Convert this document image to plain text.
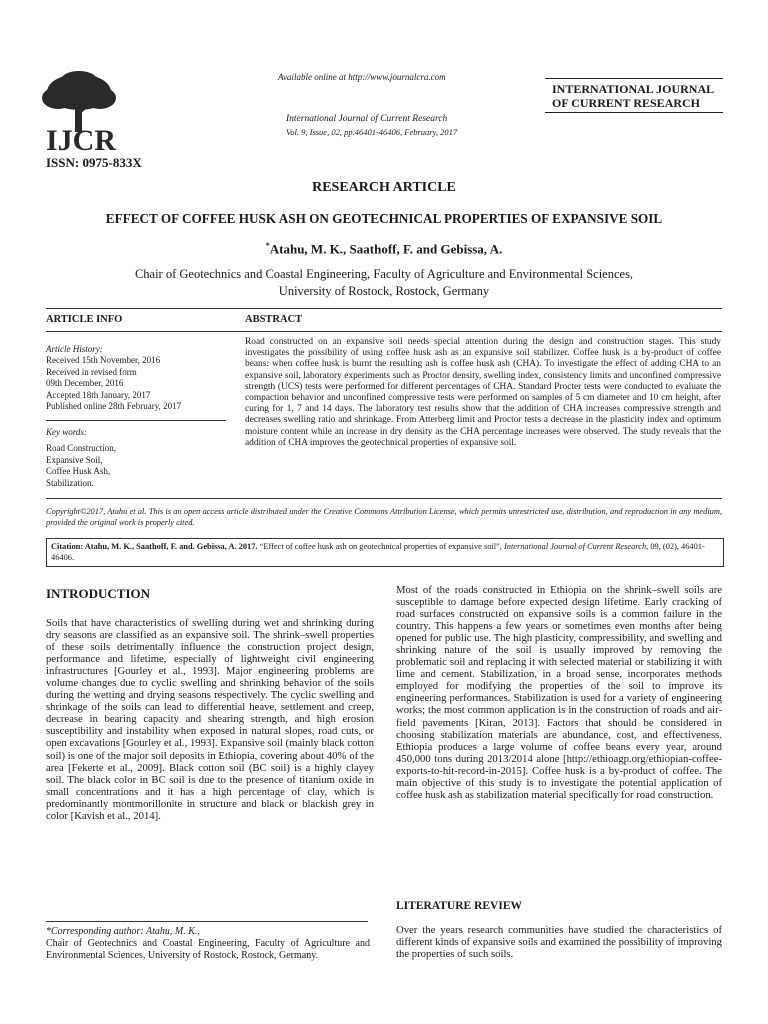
IJCR
ISSN: 0975-833X
Available online at http://www.journalcra.com
International Journal of Current Research
Vol. 9, Issue, 02, pp.46401-46406, February, 2017
INTERNATIONAL JOURNAL
OF CURRENT RESEARCH
RESEARCH ARTICLE
EFFECT OF COFFEE HUSK ASH ON GEOTECHNICAL PROPERTIES OF EXPANSIVE SOIL
*Atahu, M. K., Saathoff, F. and Gebissa, A.
Chair of Geotechnics and Coastal Engineering, Faculty of Agriculture and Environmental Sciences,
University of Rostock, Rostock, Germany
ARTICLE INFO	ABSTRACT
Article History:
Received 15th November, 2016
Received in revised form
09th December, 2016
Accepted 18th January, 2017
Published online 28th February, 2017
Key words:
Road Construction,
Expansive Soil,
Coffee Husk Ash,
Stabilization.
Road constructed on an expansive soil needs special attention during the design and construction stages. This study investigates the possibility of using coffee husk ash as an expansive soil stabilizer. Coffee husk is a by-product of coffee beans: when coffee husk is burnt the resulting ash is coffee husk ash (CHA). To investigate the effect of adding CHA to an expansive soil, laboratory experiments such as Proctor density, swelling index, consistency limits and unconfined compressive strength (UCS) tests were performed for different percentages of CHA. Standard Procter tests were conducted to evaluate the compaction behavior and unconfined compressive tests were performed on samples of 5 cm diameter and 10 cm height, after curing for 1, 7 and 14 days. The laboratory test results show that the addition of CHA increases compressive strength and decreases swelling ratio and shrinkage. From Atterberg limit and Proctor tests a decrease in the plasticity index and optimum moisture content while an increase in dry density as the CHA percentage increases were observed. The study reveals that the addition of CHA improves the geotechnical properties of expansive soil.
Copyright©2017, Atahu et al. This is an open access article distributed under the Creative Commons Attribution License, which permits unrestricted use, distribution, and reproduction in any medium, provided the original work is properly cited.
Citation: Atahu, M. K., Saathoff, F. and. Gebissa, A. 2017. “Effect of coffee husk ash on geotechnical properties of expansive soil”, International Journal of Current Research, 09, (02), 46401-46406.
INTRODUCTION
Soils that have characteristics of swelling during wet and shrinking during dry seasons are classified as an expansive soil. The shrink–swell properties of these soils detrimentally influence the construction project design, performance and lifetime, especially of lightweight civil engineering infrastructures [Gourley et al., 1993]. Major engineering problems are volume changes due to cyclic swelling and shrinking behavior of the soils during the wetting and drying seasons respectively. The cyclic swelling and shrinkage of the soils can lead to differential heave, settlement and creep, decrease in bearing capacity and shearing strength, and high erosion susceptibility and instability when exposed in natural slopes, road cuts, or open excavations [Gourley et al., 1993]. Expansive soil (mainly black cotton soil) is one of the major soil deposits in Ethiopia, covering about 40% of the area [Fekerte et al., 2009]. Black cotton soil (BC soil) is a highly clayey soil. The black color in BC soil is due to the presence of titanium oxide in small concentrations and it has a high percentage of clay, which is predominantly montmorillonite in structure and black or blackish grey in color [Kavish et al., 2014].
Most of the roads constructed in Ethiopia on the shrink–swell soils are susceptible to damage before expected design lifetime. Early cracking of road surfaces constructed on expansive soils is a common failure in the country. This happens a few years or sometimes even months after being opened for public use. The high plasticity, compressibility, and swelling and shrinking nature of the soil is usually improved by removing the problematic soil and replacing it with selected material or stabilizing it with lime and cement. Stabilization, in a broad sense, incorporates methods employed for modifying the properties of the soil to improve its engineering performances. Stabilization is used for a variety of engineering works; the most common application is in the construction of roads and air-field pavements [Kiran, 2013]. Factors that should be considered in choosing stabilization materials are abundance, cost, and effectiveness. Ethiopia produces a large volume of coffee beans every year, around 450,000 tons during 2013/2014 alone [http://ethioagp.org/ethiopian-coffee-exports-to-hit-record-in-2015]. Coffee husk is a by-product of coffee. The main objective of this study is to investigate the potential application of coffee husk ash as stabilization material specifically for road construction.
LITERATURE REVIEW
Over the years research communities have studied the characteristics of different kinds of expansive soils and examined the possibility of improving the properties of such soils.
*Corresponding author: Atahu, M. K.,
Chair of Geotechnics and Coastal Engineering, Faculty of Agriculture and Environmental Sciences, University of Rostock, Rostock, Germany.
